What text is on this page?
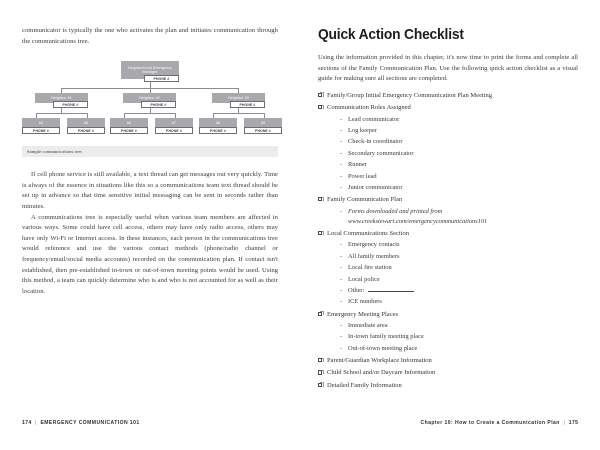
communicator is typically the one who activates the plan and initiates communication through the communications tree.

Neighborhood Emergency Manager
PHONE #
Neighbor #1
PHONE #
Neighbor #2
PHONE #
Neighbor #3
PHONE #
#4
PHONE #
#5
PHONE #
#6
PHONE #
#7
PHONE #
#8
PHONE #
#9
PHONE #
Sample communications tree.

If cell phone service is still available, a text thread can get messages out very quickly. Time is always of the essence in situations like this so a communications team text thread should be set up in advance so that time sensitive initial messaging can be sent in seconds rather than minutes.

A communications tree is especially useful when various team members are affected in various ways. Some could have cell access, others may have only radio access, others may have only Wi-Fi or Internet access. In these instances, each person in the communications tree would reference and use the various contact methods (phone/radio channel or frequency/email/social media accounts) recorded on the communication plan. If contact isn't established, then pre-established in-town or out-of-town meeting points would be used. Using this method, a team can quickly determine who is and who is not accounted for as well as their location.

174 | EMERGENCY COMMUNICATION 101
Quick Action Checklist

Using the information provided in this chapter, it's now time to print the forms and complete all sections of the Family Communication Plan. Use the following quick action checklist as a visual guide for making sure all sections are completed.

Family/Group Initial Emergency Communication Plan Meeting
Communication Roles Assigned
- Lead communicator
- Log keeper
- Check-in coordinator
- Secondary communicator
- Runner
- Power lead
- Junior communicator
Family Communication Plan
- Forms downloaded and printed from www.creekstewart.com/emergencycommunications101
Local Communications Section
- Emergency contacts
- All family members
- Local fire station
- Local police
- Other:
- ICE numbers
Emergency Meeting Places
- Immediate area
- In-town family meeting place
- Out-of-town meeting place
Parent/Guardian Workplace Information
Child School and/or Daycare Information
Detailed Family Information
Chapter 10: How to Create a Communication Plan | 175
